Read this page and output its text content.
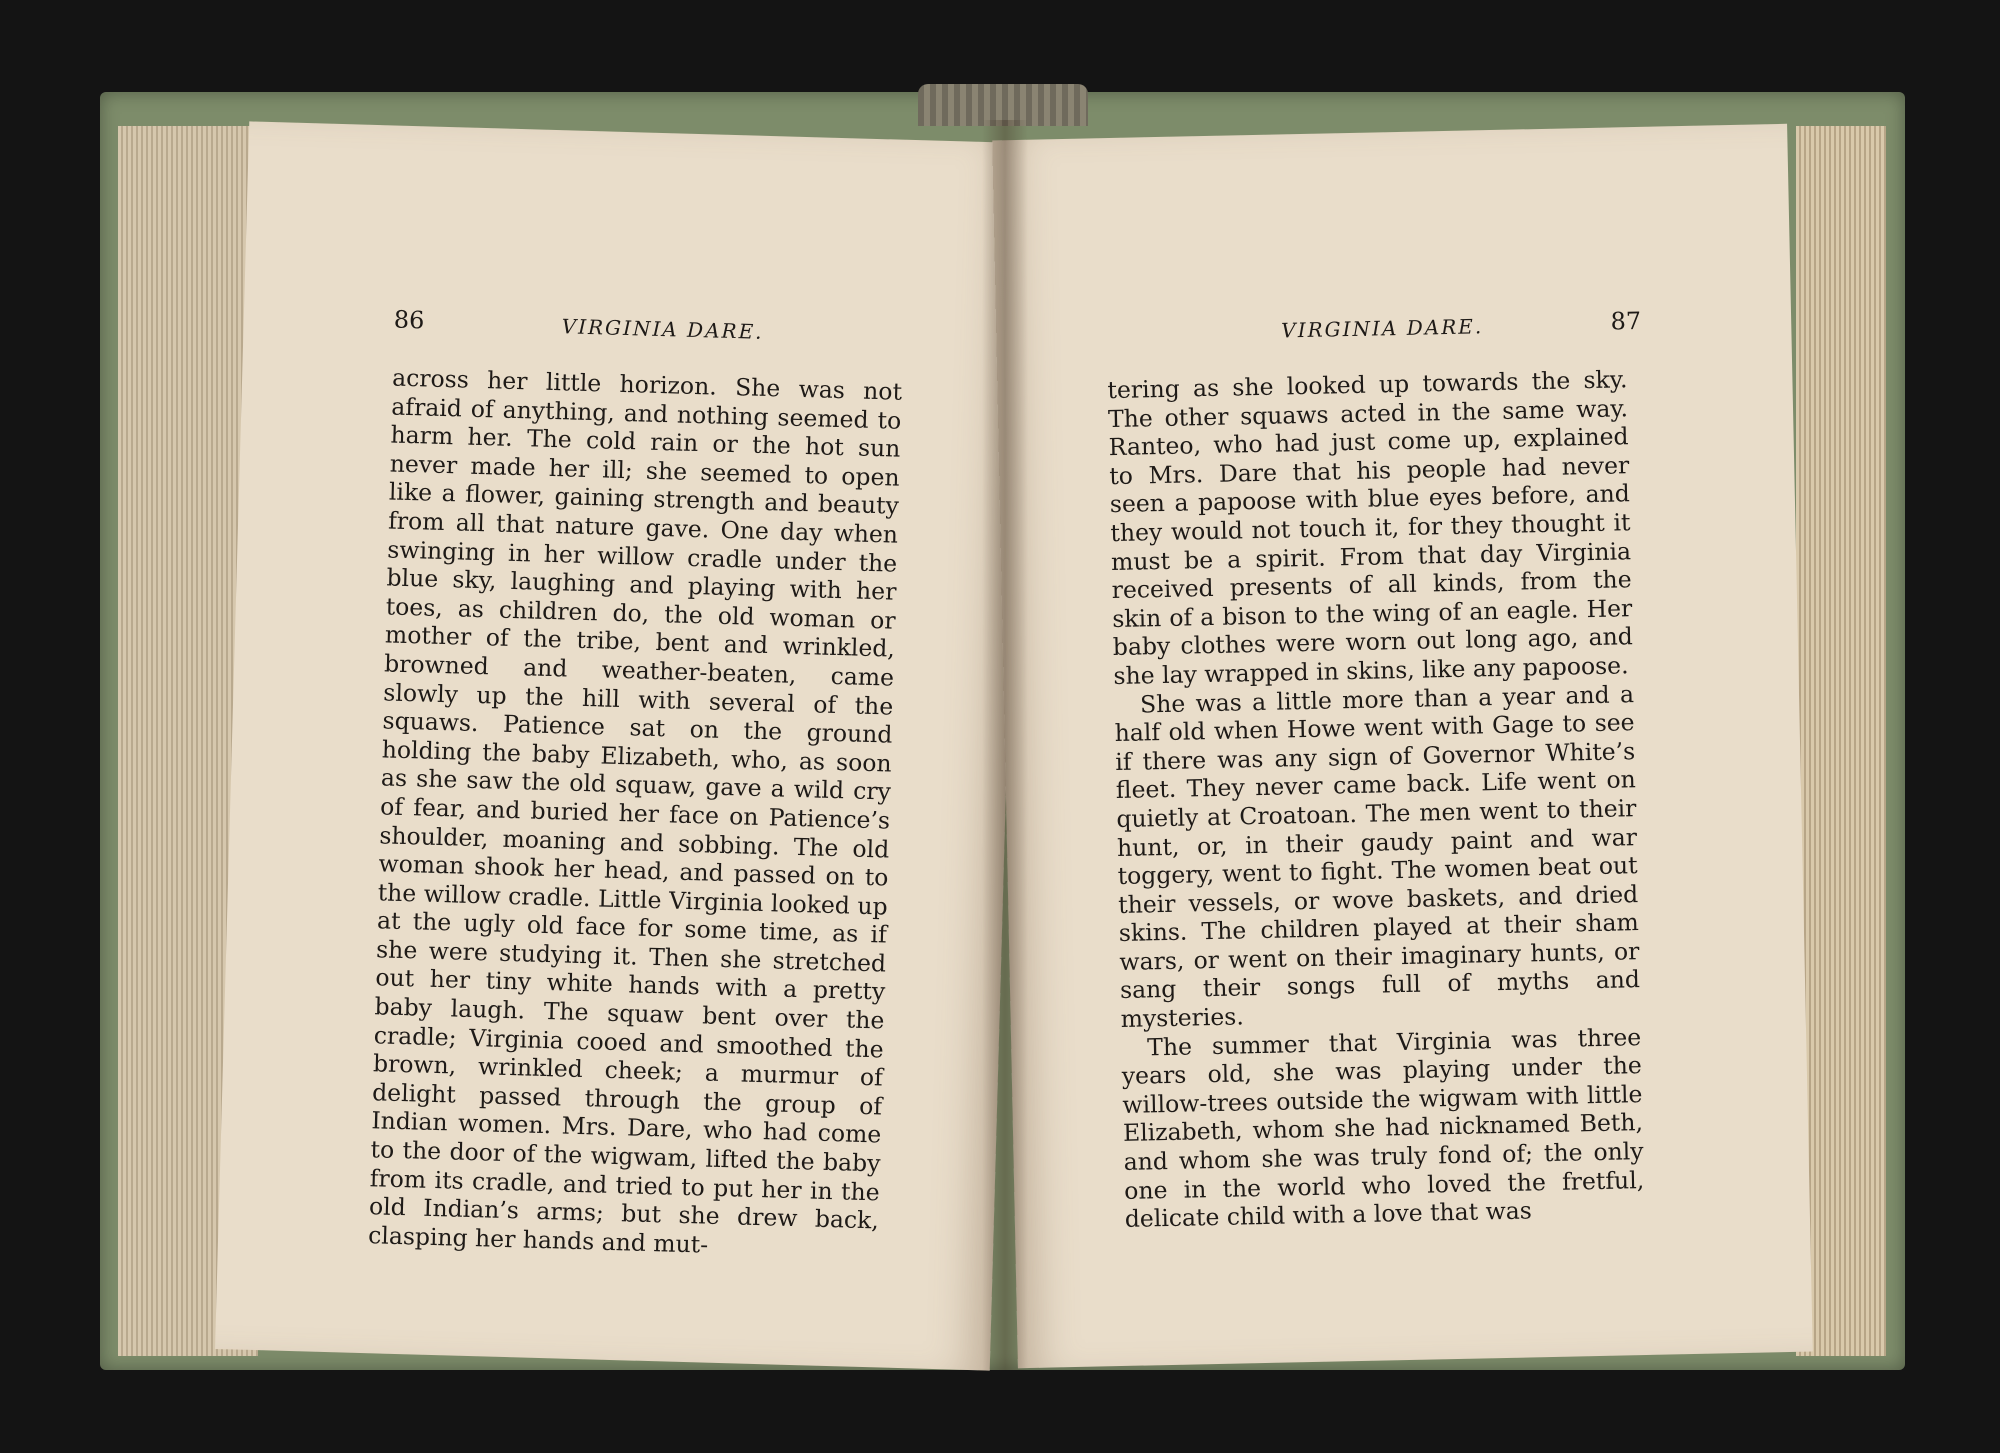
86	VIRGINIA DARE.

across her little horizon. She was not afraid of anything, and nothing seemed to harm her. The cold rain or the hot sun never made her ill; she seemed to open like a flower, gaining strength and beauty from all that nature gave. One day when swinging in her willow cradle under the blue sky, laughing and playing with her toes, as children do, the old woman or mother of the tribe, bent and wrinkled, browned and weather-beaten, came slowly up the hill with several of the squaws. Patience sat on the ground holding the baby Elizabeth, who, as soon as she saw the old squaw, gave a wild cry of fear, and buried her face on Patience’s shoulder, moaning and sobbing. The old woman shook her head, and passed on to the willow cradle. Little Virginia looked up at the ugly old face for some time, as if she were studying it. Then she stretched out her tiny white hands with a pretty baby laugh. The squaw bent over the cradle; Virginia cooed and smoothed the brown, wrinkled cheek; a murmur of delight passed through the group of Indian women. Mrs. Dare, who had come to the door of the wigwam, lifted the baby from its cradle, and tried to put her in the old Indian’s arms; but she drew back, clasping her hands and mut-

VIRGINIA DARE.	87

tering as she looked up towards the sky. The other squaws acted in the same way. Ranteo, who had just come up, explained to Mrs. Dare that his people had never seen a papoose with blue eyes before, and they would not touch it, for they thought it must be a spirit. From that day Virginia received presents of all kinds, from the skin of a bison to the wing of an eagle. Her baby clothes were worn out long ago, and she lay wrapped in skins, like any papoose.

She was a little more than a year and a half old when Howe went with Gage to see if there was any sign of Governor White’s fleet. They never came back. Life went on quietly at Croatoan. The men went to their hunt, or, in their gaudy paint and war toggery, went to fight. The women beat out their vessels, or wove baskets, and dried skins. The children played at their sham wars, or went on their imaginary hunts, or sang their songs full of myths and mysteries.

The summer that Virginia was three years old, she was playing under the willow-trees outside the wigwam with little Elizabeth, whom she had nicknamed Beth, and whom she was truly fond of; the only one in the world who loved the fretful, delicate child with a love that was
